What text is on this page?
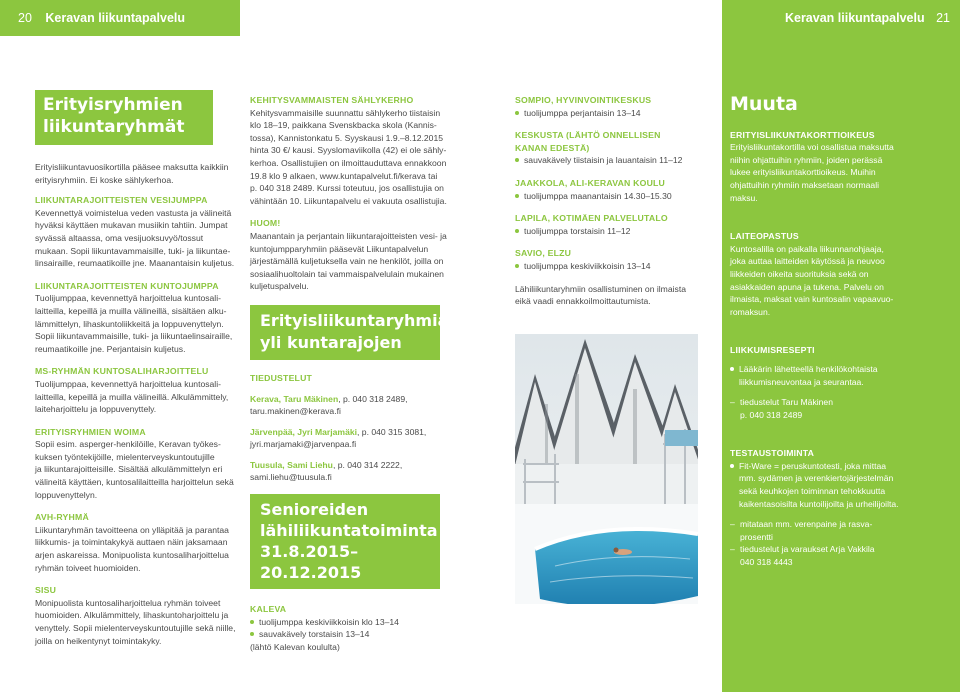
20 Keravan liikuntapalvelu	Keravan liikuntapalvelu 21
Erityisryhmien
liikuntaryhmät
Erityisliikuntavuosikortilla pääsee maksutta kaikkiin
erityisryhmiin. Ei koske sählykerhoa.
LIIKUNTARAJOITTEISTEN VESIJUMPPA
Kevennettyä voimistelua veden vastusta ja välineitä
hyväksi käyttäen mukavan musiikin tahtiin. Jumpat
syvässä altaassa, oma vesijuoksuvyö/tossut
mukaan. Sopii liikuntavammaisille, tuki- ja liikuntae-
linsairaille, reumaatikoille jne. Maanantaisin kuljetus.
LIIKUNTARAJOITTEISTEN KUNTOJUMPPA
Tuolijumppaa, kevennettyä harjoittelua kuntosali-
laitteilla, kepeillä ja muilla välineillä, sisältäen alku-
lämmittelyn, lihaskuntoliikkeitä ja loppuvenyttelyn.
Sopii liikuntavammaisille, tuki- ja liikuntaelinsairaille,
reumaatikoille jne. Perjantaisin kuljetus.
MS-RYHMÄN KUNTOSALIHARJOITTELU
Tuolijumppaa, kevennettyä harjoittelua kuntosali-
laitteilla, kepeillä ja muilla välineillä. Alkulämmittely,
laiteharjoittelu ja loppuvenyttely.
ERITYISRYHMIEN WOIMA
Sopii esim. asperger-henkilöille, Keravan työkes-
kuksen työntekijöille, mielenterveyskuntoutujille
ja liikuntarajoitteisille. Sisältää alkulämmittelyn eri
välineitä käyttäen, kuntosalilaitteilla harjoittelun sekä
loppuvenyttelyn.
AVH-RYHMÄ
Liikuntaryhmän tavoitteena on ylläpitää ja parantaa
liikkumis- ja toimintakykyä auttaen näin jaksamaan
arjen askareissa. Monipuolista kuntosaliharjoittelua
ryhmän toiveet huomioiden.
SISU
Monipuolista kuntosaliharjoittelua ryhmän toiveet
huomioiden. Alkulämmittely, lihaskuntoharjoittelu ja
venyttely. Sopii mielenterveyskuntoutujille sekä niille,
joilla on heikentynyt toimintakyky.
KEHITYSVAMMAISTEN SÄHLYKERHO
Kehitysvammaisille suunnattu sählykerho tiistaisin
klo 18–19, paikkana Svenskbacka skola (Kannis-
tossa), Kannistonkatu 5. Syyskausi 1.9.–8.12.2015
hinta 30 €/ kausi. Syyslomaviikolla (42) ei ole sähly-
kerhoa. Osallistujien on ilmoittauduttava ennakkoon
19.8 klo 9 alkaen, www.kuntapalvelut.fi/kerava tai
p. 040 318 2489. Kurssi toteutuu, jos osallistujia on
vähintään 10. Liikuntapalvelu ei vakuuta osallistujia.
HUOM!
Maanantain ja perjantain liikuntarajoitteisten vesi- ja
kuntojumpparyhmiin pääsevät Liikuntapalvelun
järjestämällä kuljetuksella vain ne henkilöt, joilla on
sosiaalihuoltolain tai vammaispalvelulain mukainen
kuljetuspalvelu.
Erityisliikuntaryhmiä
yli kuntarajojen
TIEDUSTELUT
Kerava, Taru Mäkinen, p. 040 318 2489,
taru.makinen@kerava.fi
Järvenpää, Jyri Marjamäki, p. 040 315 3081,
jyri.marjamaki@jarvenpaa.fi
Tuusula, Sami Liehu, p. 040 314 2222,
sami.liehu@tuusula.fi
Senioreiden
lähiliikuntatoiminta
31.8.2015–20.12.2015
KALEVA
tuolijumppa keskiviikkoisin klo 13–14
sauvakävely torstaisin 13–14
(lähtö Kalevan koululta)
SOMPIO, HYVINVOINTIKESKUS
tuolijumppa perjantaisin 13–14
KESKUSTA (LÄHTÖ ONNELLISEN
KANAN EDESTÄ)
sauvakävely tiistaisin ja lauantaisin 11–12
JAAKKOLA, ALI-KERAVAN KOULU
tuolijumppa maanantaisin 14.30–15.30
LAPILA, KOTIMÄEN PALVELUTALO
tuolijumppa torstaisin 11–12
SAVIO, ELZU
tuolijumppa keskiviikkoisin 13–14
Lähiliikuntaryhmiin osallistuminen on ilmaista
eikä vaadi ennakkoilmoittautumista.
Muuta
ERITYISLIIKUNTAKORTTIOIKEUS
Erityisliikuntakortilla voi osallistua maksutta
niihin ohjattuihin ryhmiin, joiden perässä
lukee erityisliikuntakorttioikeus. Muihin
ohjattuihin ryhmiin maksetaan normaali
maksu.
LAITEOPASTUS
Kuntosalilla on paikalla liikunnanohjaaja,
joka auttaa laitteiden käytössä ja neuvoo
liikkeiden oikeita suorituksia sekä on
asiakkaiden apuna ja tukena. Palvelu on
ilmaista, maksat vain kuntosalin vapaavuo-
romaksun.
LIIKKUMISRESEPTI
Lääkärin lähetteellä henkilökohtaista
liikkumisneuvontaa ja seurantaa.
– tiedustelut Taru Mäkinen
p. 040 318 2489
TESTAUSTOIMINTA
Fit-Ware = peruskuntotesti, joka mittaa
mm. sydämen ja verenkiertojärjestelmän
sekä keuhkojen toiminnan tehokkuutta
kaikentasoisilta kuntoilijoilta ja urheilijoilta.
– mitataan mm. verenpaine ja rasva-
prosentti
– tiedustelut ja varaukset Arja Vakkila
040 318 4443
